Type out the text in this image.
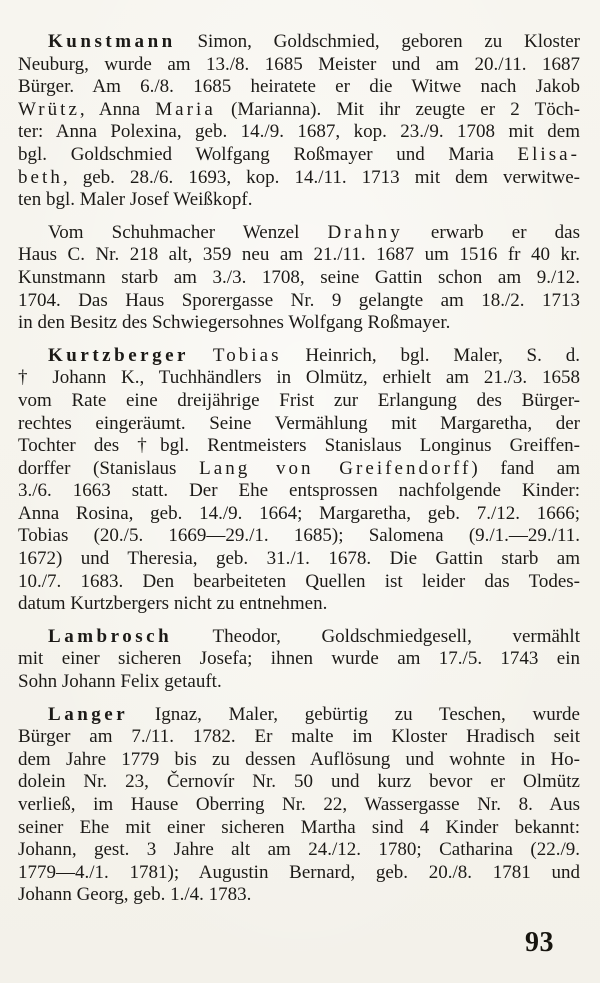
Kunstmann Simon, Goldschmied, geboren zu Kloster
Neuburg, wurde am 13./8. 1685 Meister und am 20./11. 1687
Bürger. Am 6./8. 1685 heiratete er die Witwe nach Jakob
Wrütz, Anna Maria (Marianna). Mit ihr zeugte er 2 Töch-
ter: Anna Polexina, geb. 14./9. 1687, kop. 23./9. 1708 mit dem
bgl. Goldschmied Wolfgang Roßmayer und Maria Elisa-
beth, geb. 28./6. 1693, kop. 14./11. 1713 mit dem verwitwe-
ten bgl. Maler Josef Weißkopf.
Vom Schuhmacher Wenzel Drahny erwarb er das
Haus C. Nr. 218 alt, 359 neu am 21./11. 1687 um 1516 fr 40 kr.
Kunstmann starb am 3./3. 1708, seine Gattin schon am 9./12.
1704. Das Haus Sporergasse Nr. 9 gelangte am 18./2. 1713
in den Besitz des Schwiegersohnes Wolfgang Roßmayer.
Kurtzberger Tobias Heinrich, bgl. Maler, S. d.
† Johann K., Tuchhändlers in Olmütz, erhielt am 21./3. 1658
vom Rate eine dreijährige Frist zur Erlangung des Bürger-
rechtes eingeräumt. Seine Vermählung mit Margaretha, der
Tochter des †bgl. Rentmeisters Stanislaus Longinus Greiffen-
dorffer (Stanislaus Lang von Greifendorff) fand am
3./6. 1663 statt. Der Ehe entsprossen nachfolgende Kinder:
Anna Rosina, geb. 14./9. 1664; Margaretha, geb. 7./12. 1666;
Tobias (20./5. 1669—29./1. 1685); Salomena (9./1.—29./11.
1672) und Theresia, geb. 31./1. 1678. Die Gattin starb am
10./7. 1683. Den bearbeiteten Quellen ist leider das Todes-
datum Kurtzbergers nicht zu entnehmen.
Lambrosch Theodor, Goldschmiedgesell, vermählt
mit einer sicheren Josefa; ihnen wurde am 17./5. 1743 ein
Sohn Johann Felix getauft.
Langer Ignaz, Maler, gebürtig zu Teschen, wurde
Bürger am 7./11. 1782. Er malte im Kloster Hradisch seit
dem Jahre 1779 bis zu dessen Auflösung und wohnte in Ho-
dolein Nr. 23, Černovír Nr. 50 und kurz bevor er Olmütz
verließ, im Hause Oberring Nr. 22, Wassergasse Nr. 8. Aus
seiner Ehe mit einer sicheren Martha sind 4 Kinder bekannt:
Johann, gest. 3 Jahre alt am 24./12. 1780; Catharina (22./9.
1779—4./1. 1781); Augustin Bernard, geb. 20./8. 1781 und
Johann Georg, geb. 1./4. 1783.
93
